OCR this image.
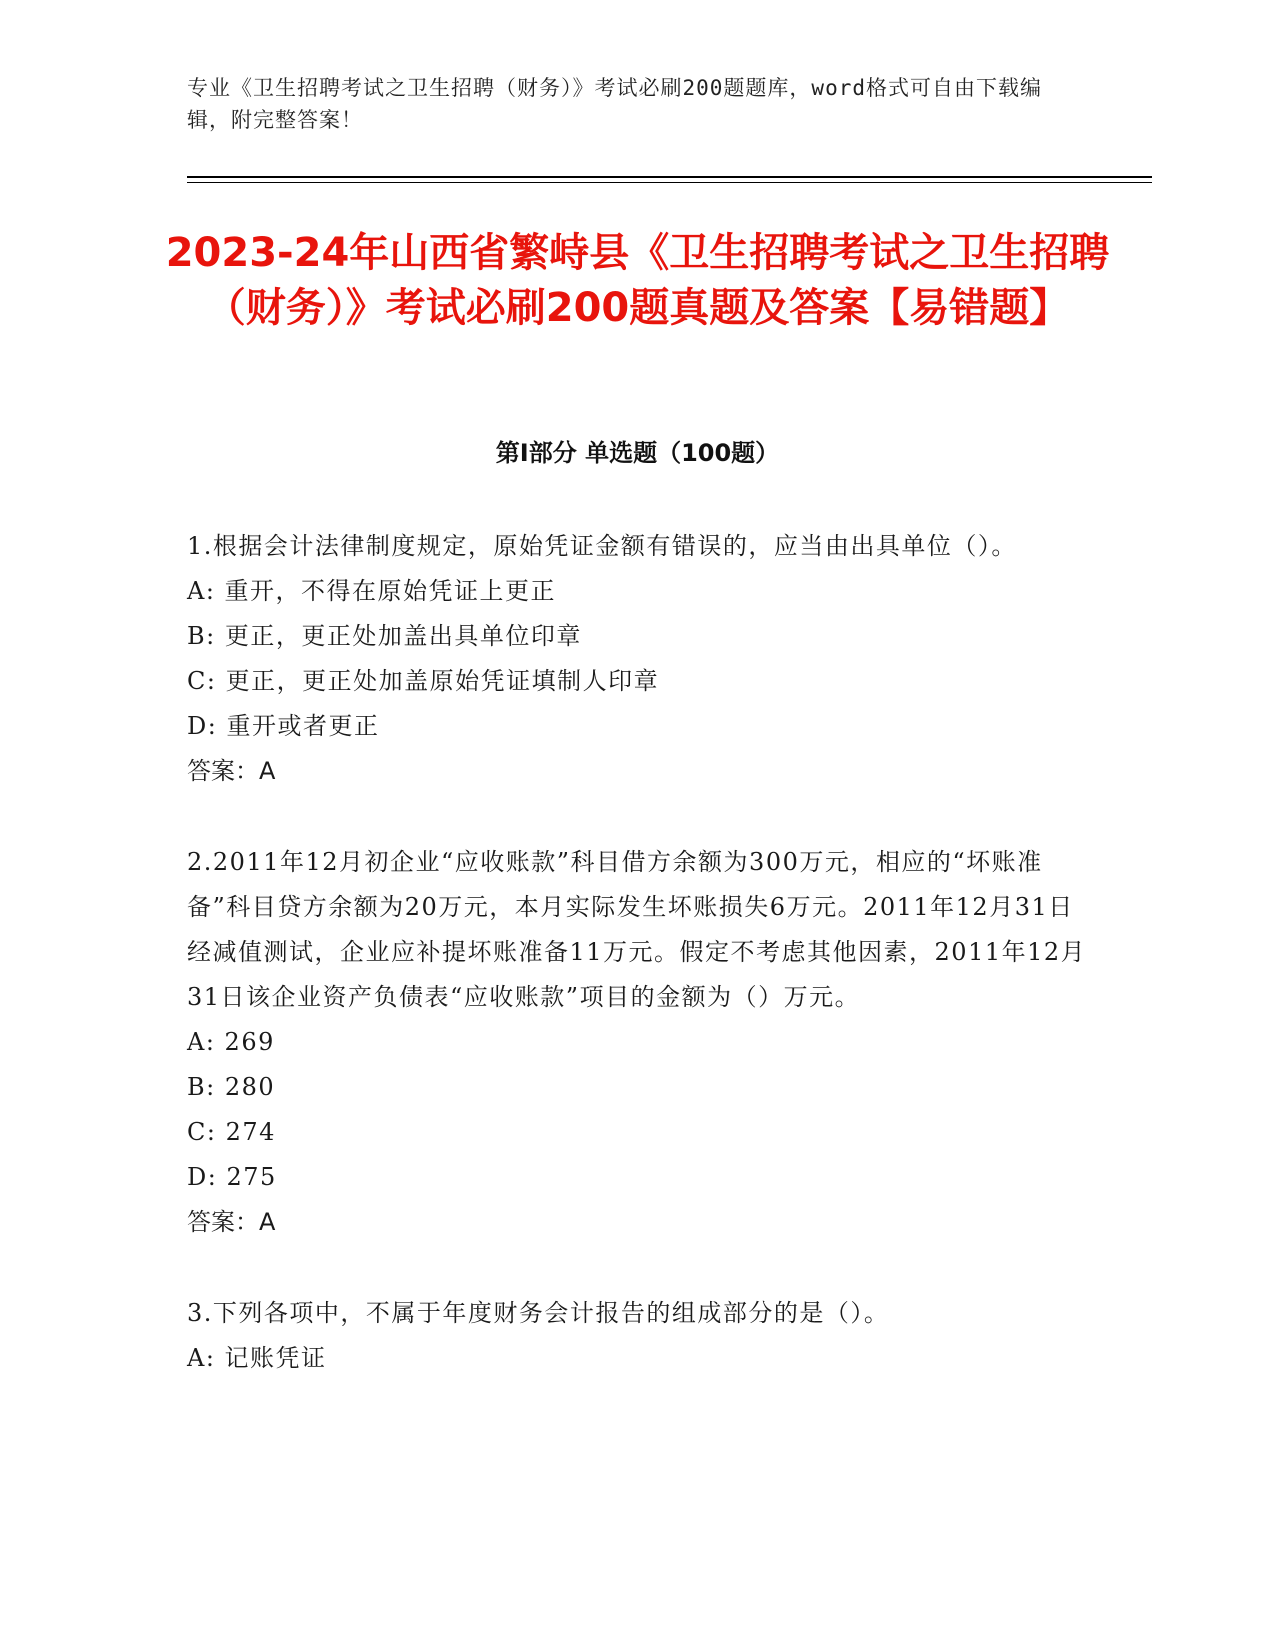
专业《卫生招聘考试之卫生招聘（财务）》考试必刷200题题库，word格式可自由下载编辑，附完整答案！
2023-24年山西省繁峙县《卫生招聘考试之卫生招聘（财务）》考试必刷200题真题及答案【易错题】
第I部分 单选题（100题）

1.根据会计法律制度规定，原始凭证金额有错误的，应当由出具单位（）。

A: 重开，不得在原始凭证上更正

B: 更正，更正处加盖出具单位印章

C: 更正，更正处加盖原始凭证填制人印章

D: 重开或者更正

答案：A

2.2011年12月初企业“应收账款”科目借方余额为300万元，相应的“坏账准备”科目贷方余额为20万元，本月实际发生坏账损失6万元。2011年12月31日经减值测试，企业应补提坏账准备11万元。假定不考虑其他因素，2011年12月31日该企业资产负债表“应收账款”项目的金额为（）万元。

A: 269

B: 280

C: 274

D: 275

答案：A

3.下列各项中，不属于年度财务会计报告的组成部分的是（）。

A: 记账凭证
